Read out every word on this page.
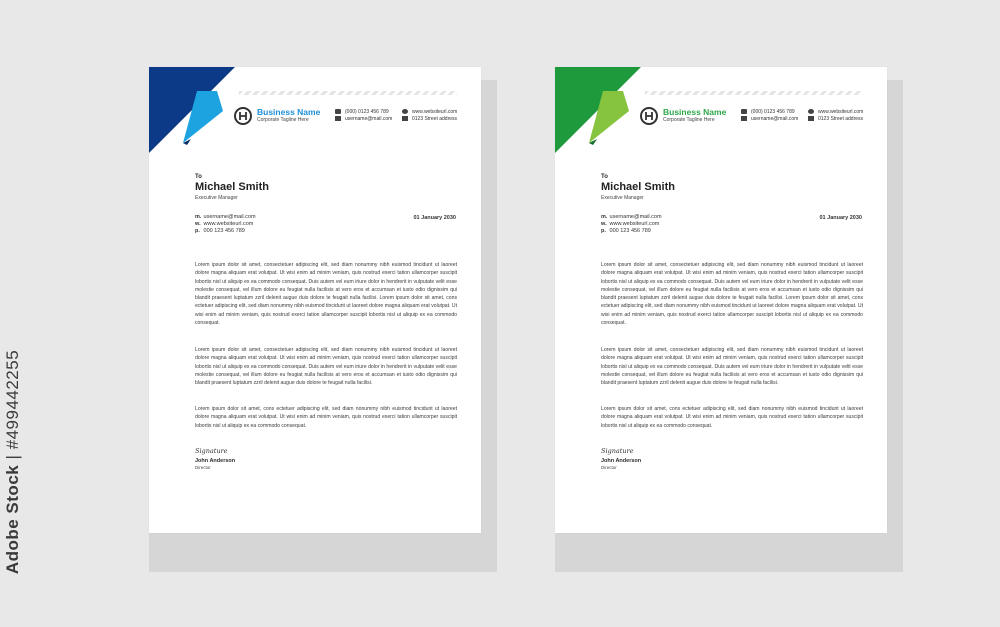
Adobe Stock | #499442255
Business Name
Corporate Tagline Here
(000) 0123 456 789
username@mail.com
www.websiteurl.com
0123 Street address
To
Michael Smith
Executive Manager
m. username@mail.com
w. www.websiteurl.com
p. 000 123 456 789
01 January 2030

Lorem ipsum dolor sit amet, consectetuer adipiscing elit, sed diam nonummy nibh euismod tincidunt ut laoreet dolore magna aliquam erat volutpat. Ut wisi enim ad minim veniam, quis nostrud exerci tation ullamcorper suscipit lobortis nisl ut aliquip ex ea commodo consequat. Duis autem vel eum iriure dolor in hendrerit in vulputate velit esse molestie consequat, vel illum dolore eu feugiat nulla facilisis at vero eros et accumsan et iusto odio dignissim qui blandit praesent luptatum zzril delenit augue duis dolore te feugait nulla facilisi. Lorem ipsum dolor sit amet, cons ectetuer adipiscing elit, sed diam nonummy nibh euismod tincidunt ut laoreet dolore magna aliquam erat volutpat. Ut wisi enim ad minim veniam, quis nostrud exerci tation ullamcorper suscipit lobortis nisl ut aliquip ex ea commodo consequat.

Lorem ipsum dolor sit amet, consectetuer adipiscing elit, sed diam nonummy nibh euismod tincidunt ut laoreet dolore magna aliquam erat volutpat. Ut wisi enim ad minim veniam, quis nostrud exerci tation ullamcorper suscipit lobortis nisl ut aliquip ex ea commodo consequat. Duis autem vel eum iriure dolor in hendrerit in vulputate velit esse molestie consequat, vel illum dolore eu feugiat nulla facilisis at vero eros et accumsan et iusto odio dignissim qui blandit praesent luptatum zzril delenit augue duis dolore te feugait nulla facilisi.

Lorem ipsum dolor sit amet, cons ectetuer adipiscing elit, sed diam nonummy nibh euismod tincidunt ut laoreet dolore magna aliquam erat volutpat. Ut wisi enim ad minim veniam, quis nostrud exerci tation ullamcorper suscipit lobortis nisl ut aliquip ex ea commodo consequat.

Signature
John Anderson
Director
Business Name
Corporate Tagline Here
(000) 0123 456 789
username@mail.com
www.websiteurl.com
0123 Street address
To
Michael Smith
Executive Manager
m. username@mail.com
w. www.websiteurl.com
p. 000 123 456 789
01 January 2030

Lorem ipsum dolor sit amet, consectetuer adipiscing elit, sed diam nonummy nibh euismod tincidunt ut laoreet dolore magna aliquam erat volutpat. Ut wisi enim ad minim veniam, quis nostrud exerci tation ullamcorper suscipit lobortis nisl ut aliquip ex ea commodo consequat. Duis autem vel eum iriure dolor in hendrerit in vulputate velit esse molestie consequat, vel illum dolore eu feugiat nulla facilisis at vero eros et accumsan et iusto odio dignissim qui blandit praesent luptatum zzril delenit augue duis dolore te feugait nulla facilisi. Lorem ipsum dolor sit amet, cons ectetuer adipiscing elit, sed diam nonummy nibh euismod tincidunt ut laoreet dolore magna aliquam erat volutpat. Ut wisi enim ad minim veniam, quis nostrud exerci tation ullamcorper suscipit lobortis nisl ut aliquip ex ea commodo consequat.

Lorem ipsum dolor sit amet, consectetuer adipiscing elit, sed diam nonummy nibh euismod tincidunt ut laoreet dolore magna aliquam erat volutpat. Ut wisi enim ad minim veniam, quis nostrud exerci tation ullamcorper suscipit lobortis nisl ut aliquip ex ea commodo consequat. Duis autem vel eum iriure dolor in hendrerit in vulputate velit esse molestie consequat, vel illum dolore eu feugiat nulla facilisis at vero eros et accumsan et iusto odio dignissim qui blandit praesent luptatum zzril delenit augue duis dolore te feugait nulla facilisi.

Lorem ipsum dolor sit amet, cons ectetuer adipiscing elit, sed diam nonummy nibh euismod tincidunt ut laoreet dolore magna aliquam erat volutpat. Ut wisi enim ad minim veniam, quis nostrud exerci tation ullamcorper suscipit lobortis nisl ut aliquip ex ea commodo consequat.

Signature
John Anderson
Director
